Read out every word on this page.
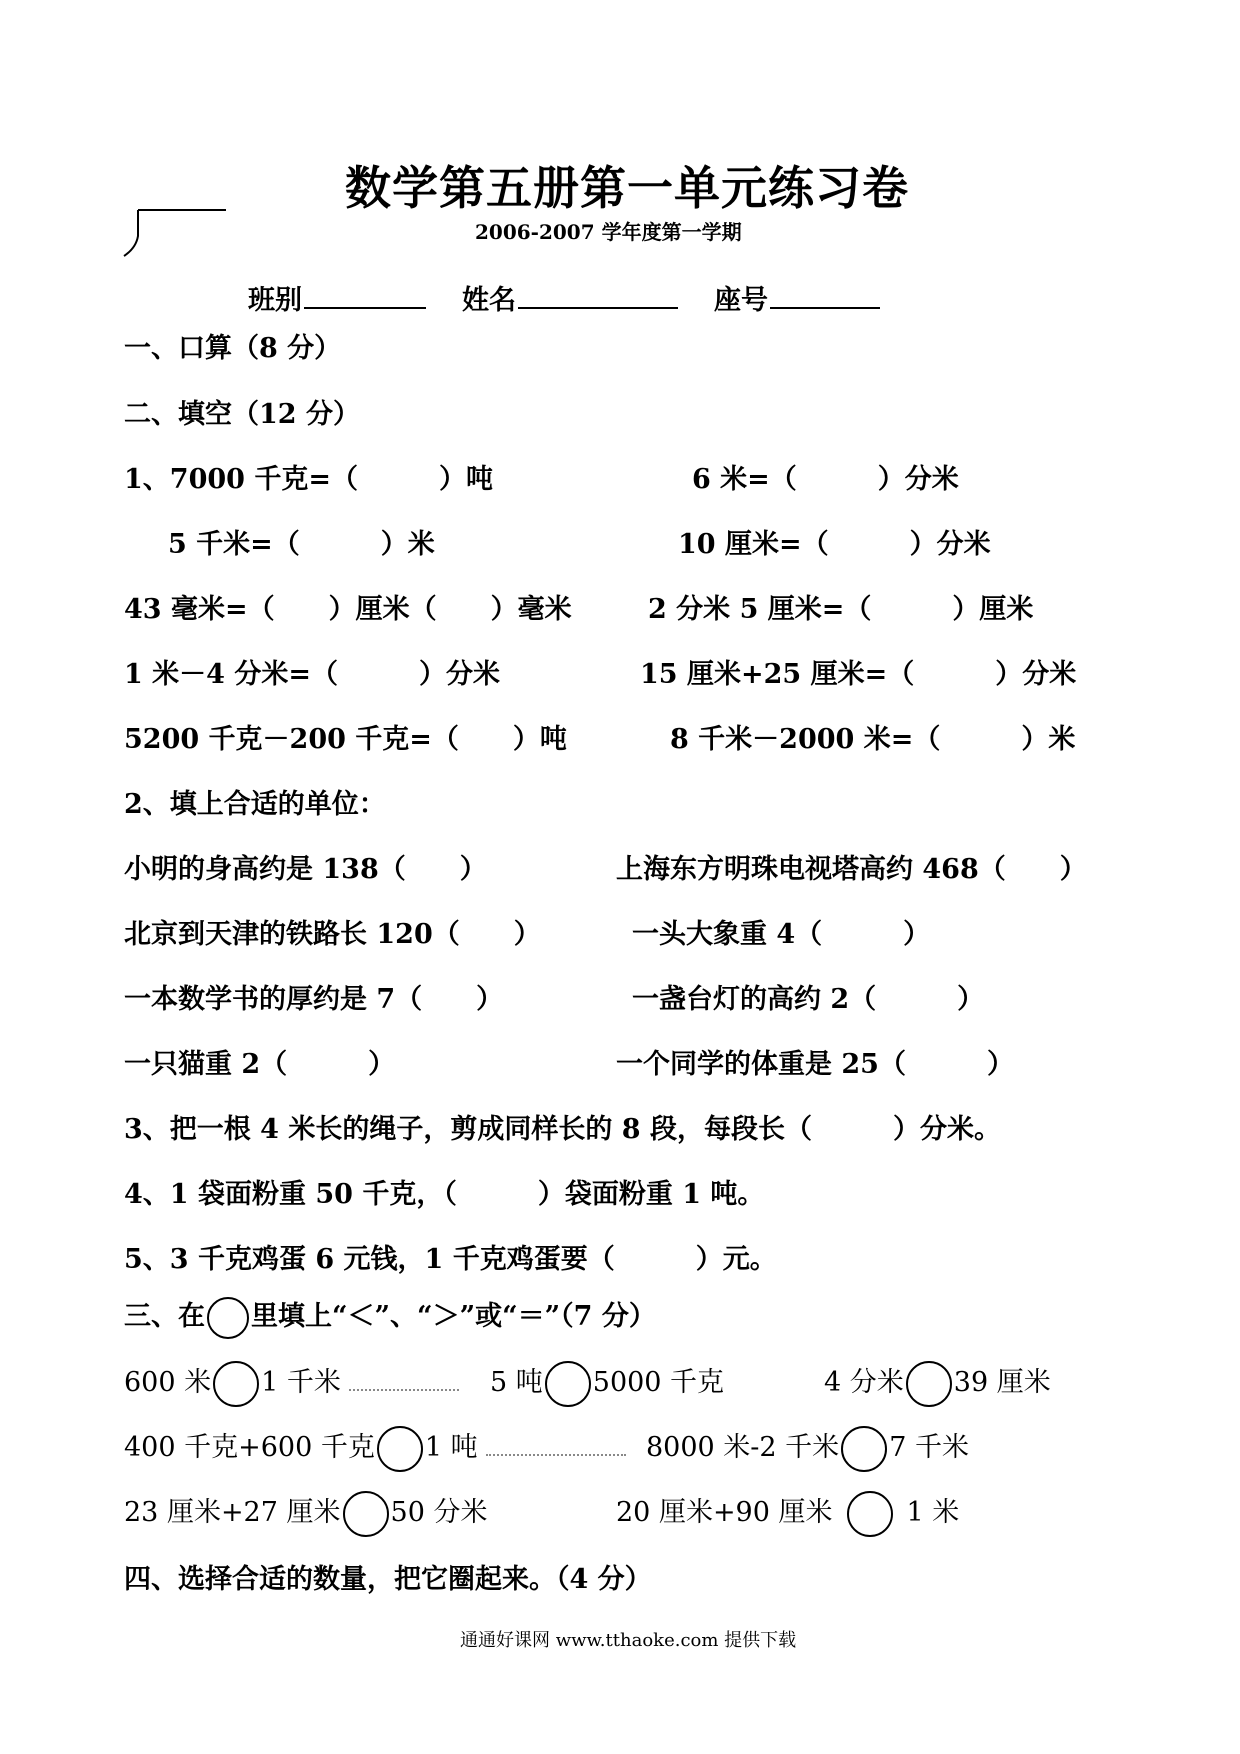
数学第五册第一单元练习卷
2006-2007 学年度第一学期
班别	姓名	座号
一、口算（8 分）
二、填空（12 分）
1、7000 千克=（　　　）吨	6 米=（　　　）分米
5 千米=（　　　）米	10 厘米=（　　　）分米
43 毫米=（　　）厘米（　　）毫米	2 分米 5 厘米=（　　　）厘米
1 米－4 分米=（　　　）分米	15 厘米+25 厘米=（　　　）分米
5200 千克－200 千克=（　　）吨	8 千米－2000 米=（　　　）米
2、填上合适的单位：
小明的身高约是 138（　　）	上海东方明珠电视塔高约 468（　　）
北京到天津的铁路长 120（　　）	一头大象重 4（　　　）
一本数学书的厚约是 7（　　）	一盏台灯的高约 2（　　　）
一只猫重 2（　　　）	一个同学的体重是 25（　　　）
3、把一根 4 米长的绳子，剪成同样长的 8 段，每段长（　　　）分米。
4、1 袋面粉重 50 千克，（　　　）袋面粉重 1 吨。
5、3 千克鸡蛋 6 元钱，1 千克鸡蛋要（　　　）元。
三、在 里填上“＜”、“＞”或“＝”（7 分）
600 米 1 千米	5 吨 5000 千克	4 分米 39 厘米
400 千克+600 千克 1 吨	8000 米-2 千米 7 千米
23 厘米+27 厘米 50 分米	20 厘米+90 厘米	1 米
四、选择合适的数量，把它圈起来。（4 分）
通通好课网 www.tthaoke.com 提供下载
